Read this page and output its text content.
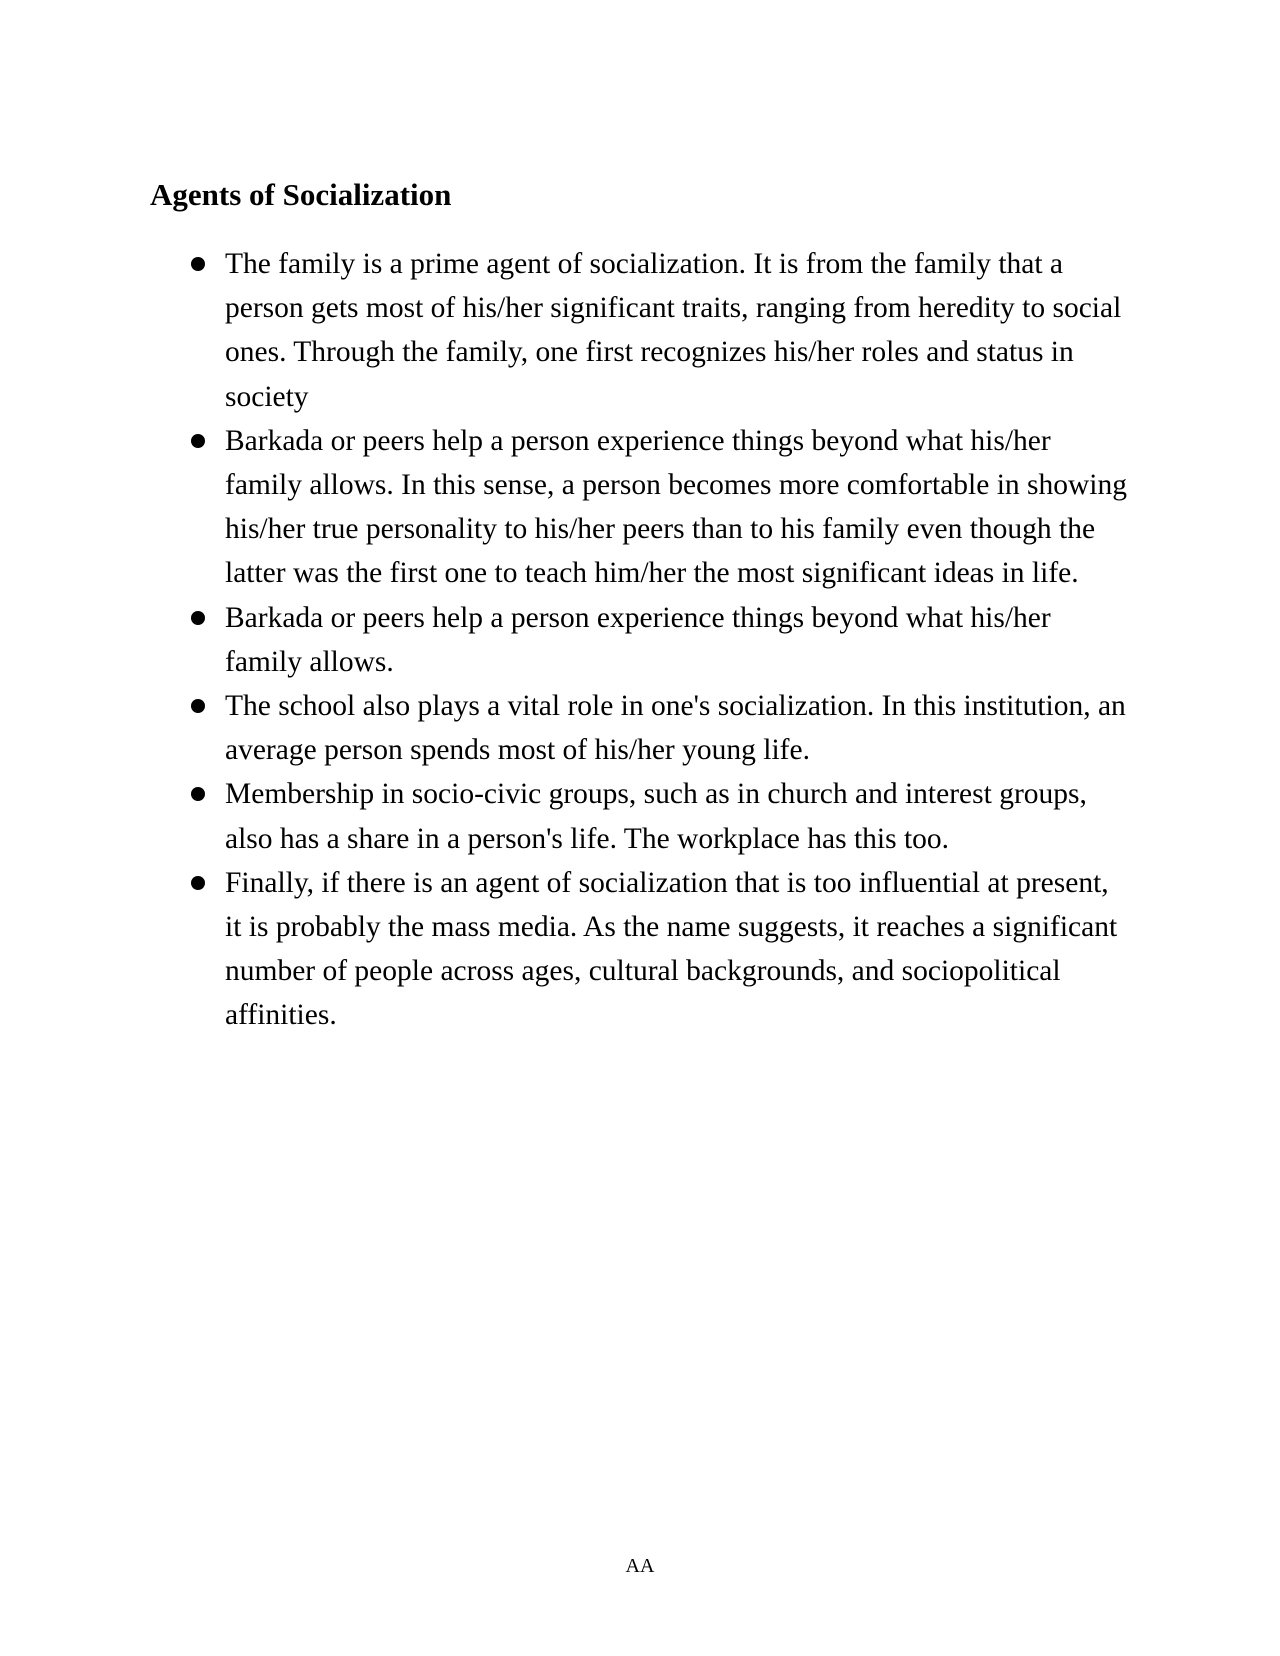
Agents of Socialization
The family is a prime agent of socialization. It is from the family that a person gets most of his/her significant traits, ranging from heredity to social ones. Through the family, one first recognizes his/her roles and status in society
Barkada or peers help a person experience things beyond what his/her family allows. In this sense, a person becomes more comfortable in showing his/her true personality to his/her peers than to his family even though the latter was the first one to teach him/her the most significant ideas in life.
Barkada or peers help a person experience things beyond what his/her family allows.
The school also plays a vital role in one's socialization. In this institution, an average person spends most of his/her young life.
Membership in socio-civic groups, such as in church and interest groups, also has a share in a person's life. The workplace has this too.
Finally, if there is an agent of socialization that is too influential at present, it is probably the mass media. As the name suggests, it reaches a significant number of people across ages, cultural backgrounds, and sociopolitical affinities.

AA
